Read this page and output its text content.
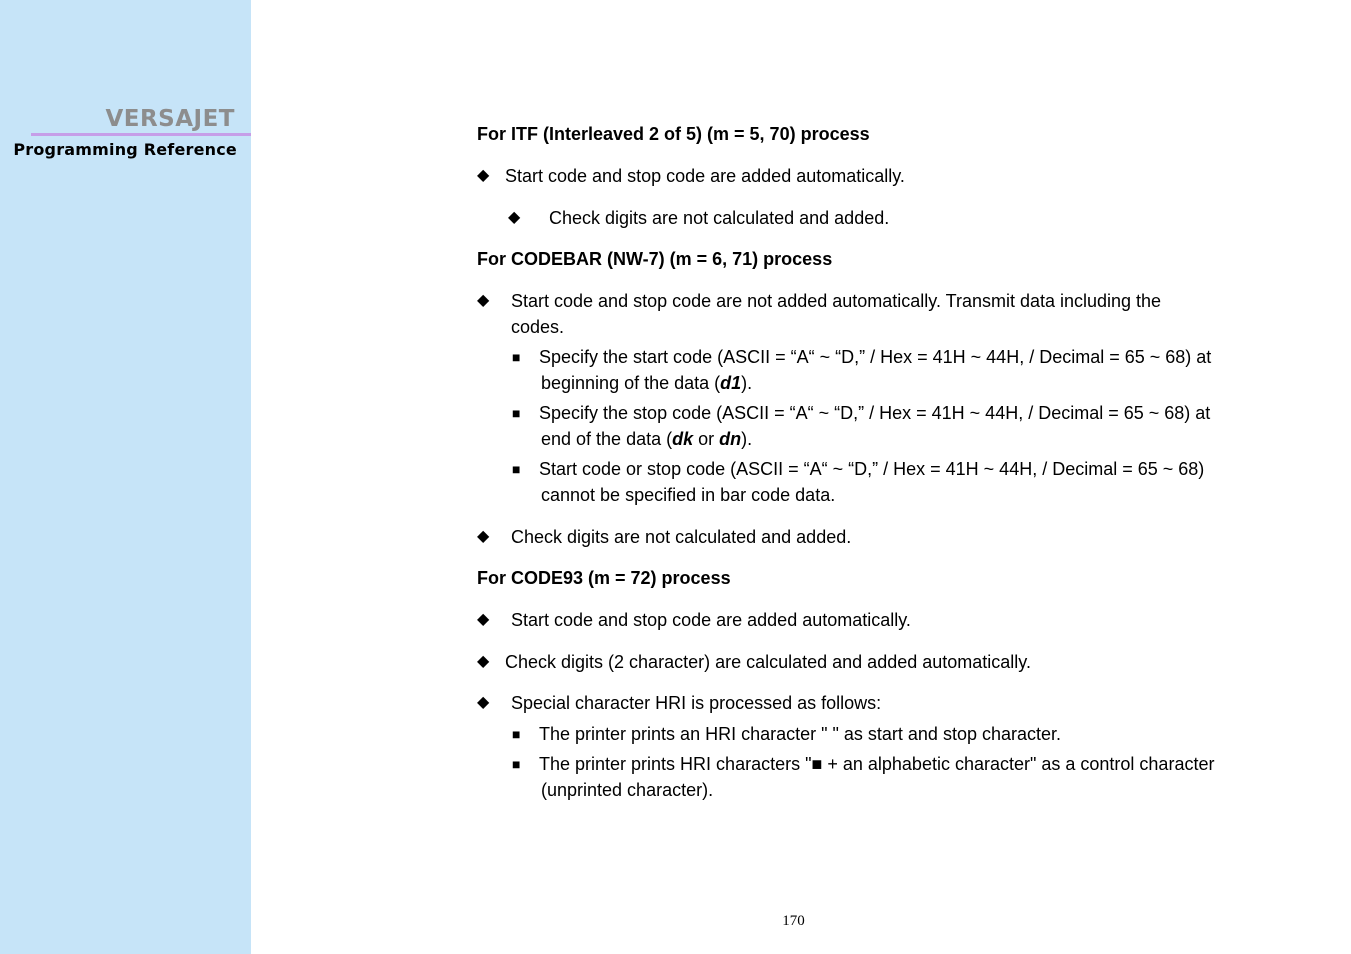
VERSAJET
Programming Reference
For ITF (Interleaved 2 of 5) (m = 5, 70) process
◆ Start code and stop code are added automatically.
◆ Check digits are not calculated and added.
For CODEBAR (NW-7) (m = 6, 71) process
◆ Start code and stop code are not added automatically. Transmit data including the
codes.
■ Specify the start code (ASCII = “A“ ~ “D,” / Hex = 41H ~ 44H, / Decimal = 65 ~ 68) at
beginning of the data (d1).
■ Specify the stop code (ASCII = “A“ ~ “D,” / Hex = 41H ~ 44H, / Decimal = 65 ~ 68) at
end of the data (dk or dn).
■ Start code or stop code (ASCII = “A“ ~ “D,” / Hex = 41H ~ 44H, / Decimal = 65 ~ 68)
cannot be specified in bar code data.
◆ Check digits are not calculated and added.
For CODE93 (m = 72) process
◆ Start code and stop code are added automatically.
◆ Check digits (2 character) are calculated and added automatically.
◆ Special character HRI is processed as follows:
■ The printer prints an HRI character " " as start and stop character.
■ The printer prints HRI characters "■ + an alphabetic character" as a control character
(unprinted character).
170
